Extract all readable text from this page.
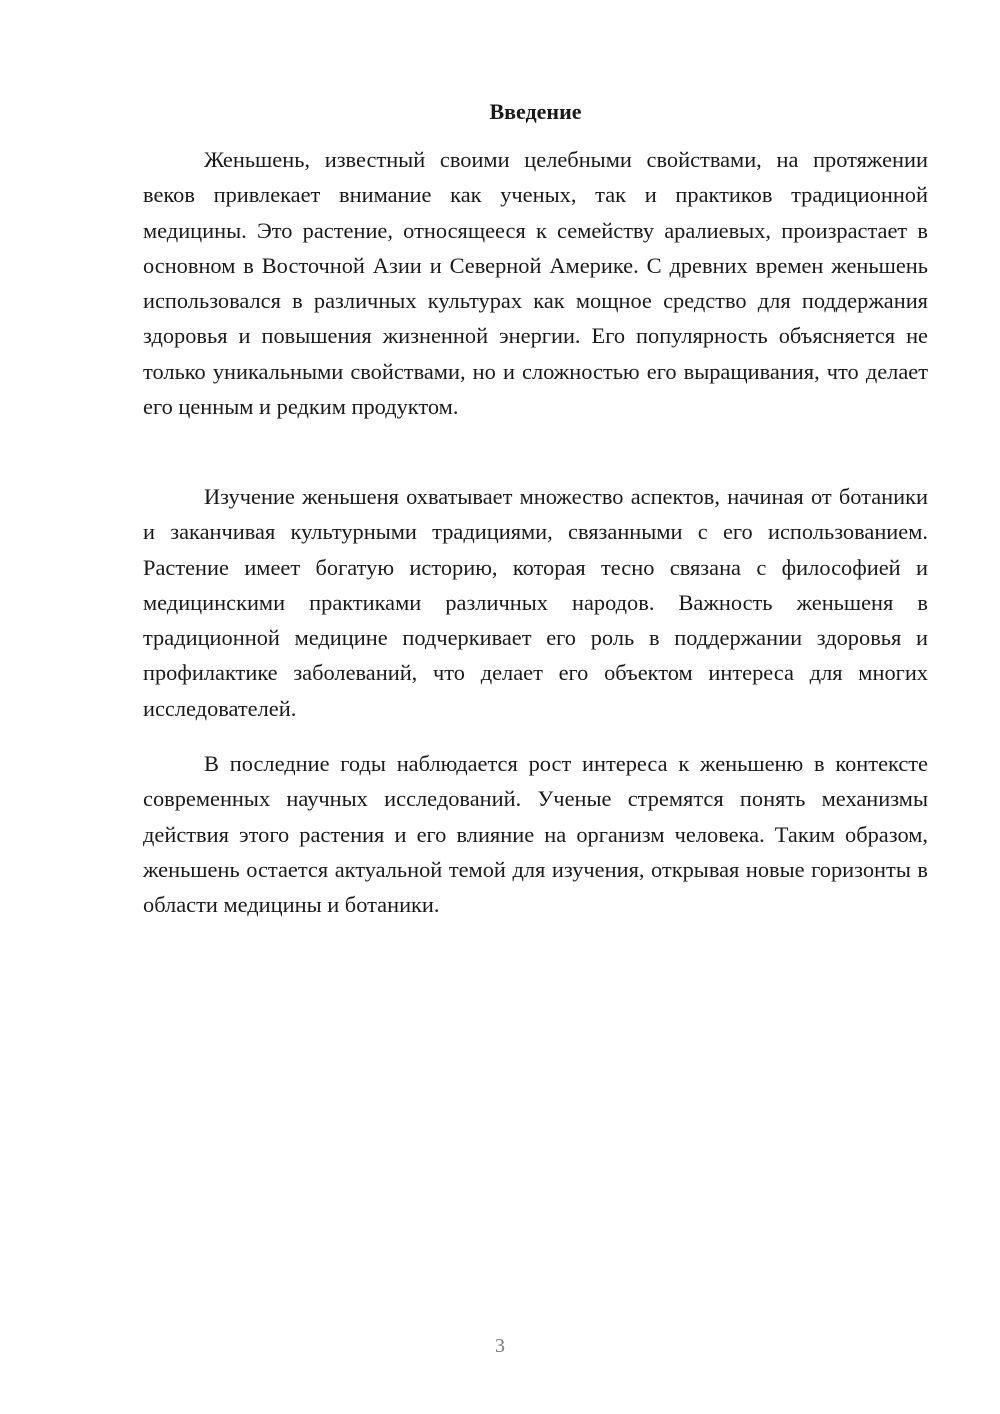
Введение

Женьшень, известный своими целебными свойствами, на протяжении веков привлекает внимание как ученых, так и практиков традиционной медицины. Это растение, относящееся к семейству аралиевых, произрастает в основном в Восточной Азии и Северной Америке. С древних времен женьшень использовался в различных культурах как мощное средство для поддержания здоровья и повышения жизненной энергии. Его популярность объясняется не только уникальными свойствами, но и сложностью его выращивания, что делает его ценным и редким продуктом.

Изучение женьшеня охватывает множество аспектов, начиная от ботаники и заканчивая культурными традициями, связанными с его использованием. Растение имеет богатую историю, которая тесно связана с философией и медицинскими практиками различных народов. Важность женьшеня в традиционной медицине подчеркивает его роль в поддержании здоровья и профилактике заболеваний, что делает его объектом интереса для многих исследователей.

В последние годы наблюдается рост интереса к женьшеню в контексте современных научных исследований. Ученые стремятся понять механизмы действия этого растения и его влияние на организм человека. Таким образом, женьшень остается актуальной темой для изучения, открывая новые горизонты в области медицины и ботаники.

3
